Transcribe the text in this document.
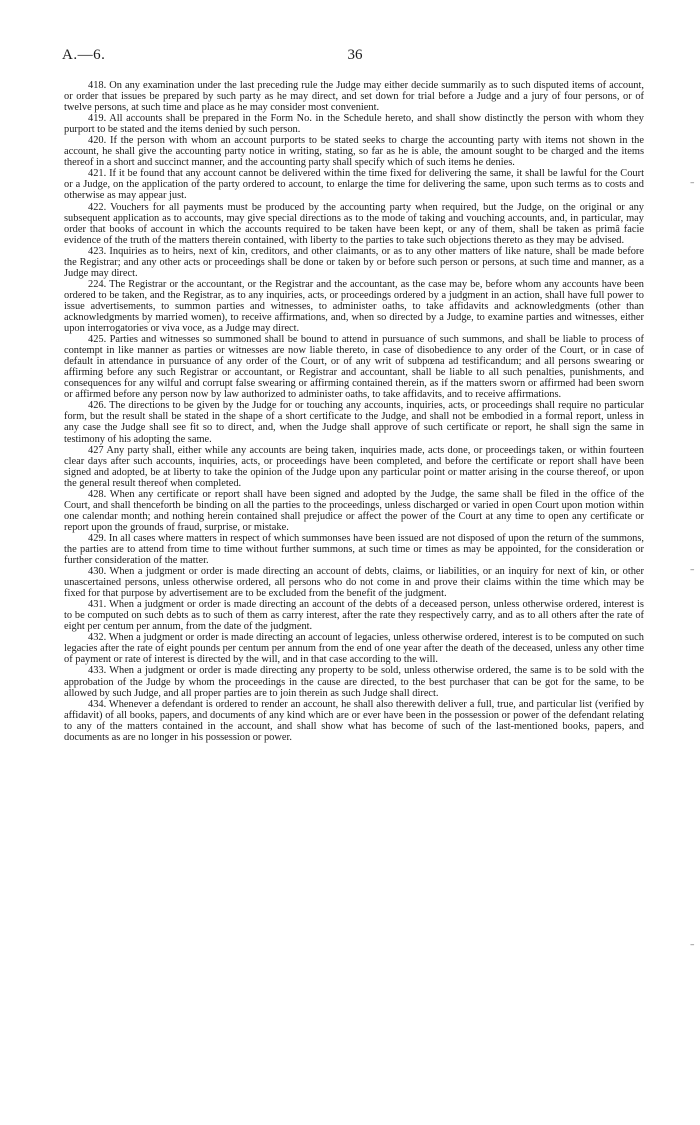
A.—6.	36

418. On any examination under the last preceding rule the Judge may either decide summarily as to such disputed items of account, or order that issues be prepared by such party as he may direct, and set down for trial before a Judge and a jury of four persons, or of twelve persons, at such time and place as he may consider most convenient.

419. All accounts shall be prepared in the Form No. in the Schedule hereto, and shall show distinctly the person with whom they purport to be stated and the items denied by such person.

420. If the person with whom an account purports to be stated seeks to charge the accounting party with items not shown in the account, he shall give the accounting party notice in writing, stating, so far as he is able, the amount sought to be charged and the items thereof in a short and succinct manner, and the accounting party shall specify which of such items he denies.

421. If it be found that any account cannot be delivered within the time fixed for delivering the same, it shall be lawful for the Court or a Judge, on the application of the party ordered to account, to enlarge the time for delivering the same, upon such terms as to costs and otherwise as may appear just.

422. Vouchers for all payments must be produced by the accounting party when required, but the Judge, on the original or any subsequent application as to accounts, may give special directions as to the mode of taking and vouching accounts, and, in particular, may order that books of account in which the accounts required to be taken have been kept, or any of them, shall be taken as primâ facie evidence of the truth of the matters therein contained, with liberty to the parties to take such objections thereto as they may be advised.

423. Inquiries as to heirs, next of kin, creditors, and other claimants, or as to any other matters of like nature, shall be made before the Registrar; and any other acts or proceedings shall be done or taken by or before such person or persons, at such time and manner, as a Judge may direct.

224. The Registrar or the accountant, or the Registrar and the accountant, as the case may be, before whom any accounts have been ordered to be taken, and the Registrar, as to any inquiries, acts, or proceedings ordered by a judgment in an action, shall have full power to issue advertisements, to summon parties and witnesses, to administer oaths, to take affidavits and acknowledgments (other than acknowledgments by married women), to receive affirmations, and, when so directed by a Judge, to examine parties and witnesses, either upon interrogatories or viva voce, as a Judge may direct.

425. Parties and witnesses so summoned shall be bound to attend in pursuance of such summons, and shall be liable to process of contempt in like manner as parties or witnesses are now liable thereto, in case of disobedience to any order of the Court, or in case of default in attendance in pursuance of any order of the Court, or of any writ of subpœna ad testificandum; and all persons swearing or affirming before any such Registrar or accountant, or Registrar and accountant, shall be liable to all such penalties, punishments, and consequences for any wilful and corrupt false swearing or affirming contained therein, as if the matters sworn or affirmed had been sworn or affirmed before any person now by law authorized to administer oaths, to take affidavits, and to receive affirmations.

426. The directions to be given by the Judge for or touching any accounts, inquiries, acts, or proceedings shall require no particular form, but the result shall be stated in the shape of a short certificate to the Judge, and shall not be embodied in a formal report, unless in any case the Judge shall see fit so to direct, and, when the Judge shall approve of such certificate or report, he shall sign the same in testimony of his adopting the same.

427 Any party shall, either while any accounts are being taken, inquiries made, acts done, or proceedings taken, or within fourteen clear days after such accounts, inquiries, acts, or proceedings have been completed, and before the certificate or report shall have been signed and adopted, be at liberty to take the opinion of the Judge upon any particular point or matter arising in the course thereof, or upon the general result thereof when completed.

428. When any certificate or report shall have been signed and adopted by the Judge, the same shall be filed in the office of the Court, and shall thenceforth be binding on all the parties to the proceedings, unless discharged or varied in open Court upon motion within one calendar month; and nothing herein contained shall prejudice or affect the power of the Court at any time to open any certificate or report upon the grounds of fraud, surprise, or mistake.

429. In all cases where matters in respect of which summonses have been issued are not disposed of upon the return of the summons, the parties are to attend from time to time without further summons, at such time or times as may be appointed, for the consideration or further consideration of the matter.

430. When a judgment or order is made directing an account of debts, claims, or liabilities, or an inquiry for next of kin, or other unascertained persons, unless otherwise ordered, all persons who do not come in and prove their claims within the time which may be fixed for that purpose by advertisement are to be excluded from the benefit of the judgment.

431. When a judgment or order is made directing an account of the debts of a deceased person, unless otherwise ordered, interest is to be computed on such debts as to such of them as carry interest, after the rate they respectively carry, and as to all others after the rate of eight per centum per annum, from the date of the judgment.

432. When a judgment or order is made directing an account of legacies, unless otherwise ordered, interest is to be computed on such legacies after the rate of eight pounds per centum per annum from the end of one year after the death of the deceased, unless any other time of payment or rate of interest is directed by the will, and in that case according to the will.

433. When a judgment or order is made directing any property to be sold, unless otherwise ordered, the same is to be sold with the approbation of the Judge by whom the proceedings in the cause are directed, to the best purchaser that can be got for the same, to be allowed by such Judge, and all proper parties are to join therein as such Judge shall direct.

434. Whenever a defendant is ordered to render an account, he shall also therewith deliver a full, true, and particular list (verified by affidavit) of all books, papers, and documents of any kind which are or ever have been in the possession or power of the defendant relating to any of the matters contained in the account, and shall show what has become of such of the last-mentioned books, papers, and documents as are no longer in his possession or power.

–
–
–
